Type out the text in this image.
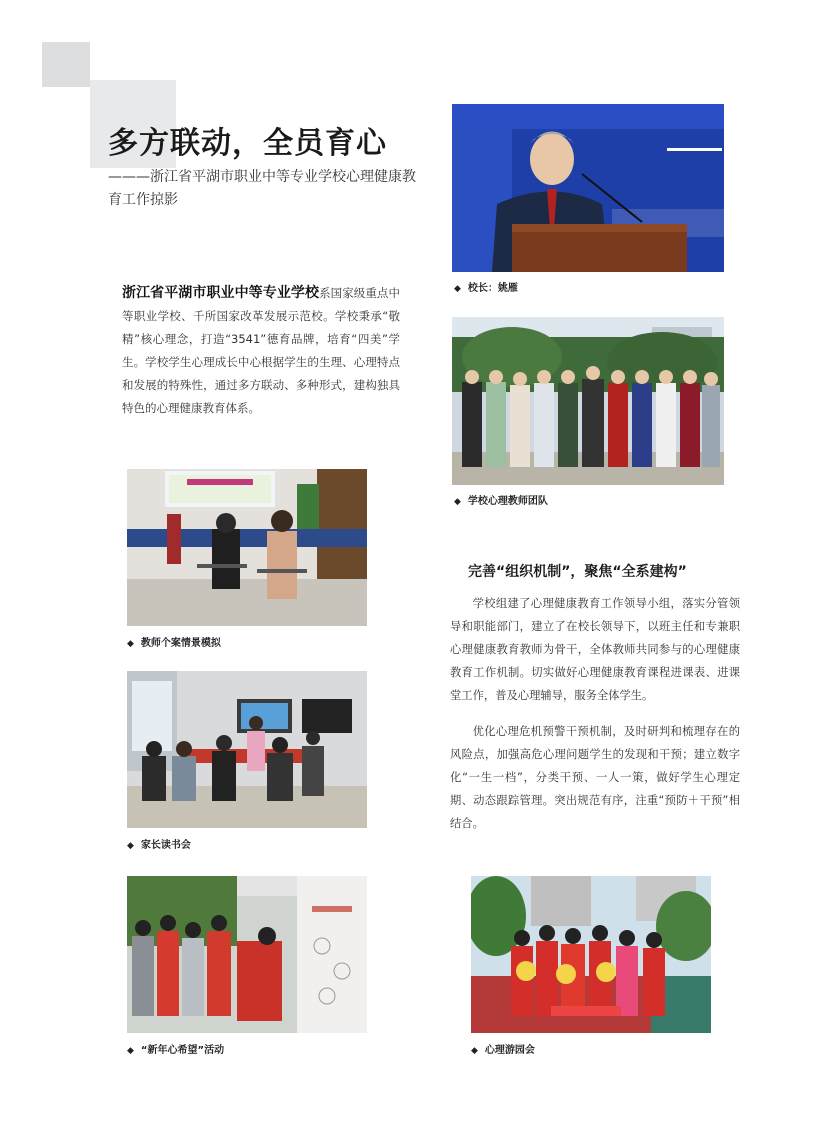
多方联动，全员育心

———浙江省平湖市职业中等专业学校心理健康教育工作掠影

浙江省平湖市职业中等专业学校系国家级重点中等职业学校、千所国家改革发展示范校。学校秉承“敬精”核心理念，打造“3541”德育品牌，培育“四美”学生。学校学生心理成长中心根据学生的生理、心理特点和发展的特殊性，通过多方联动、多种形式，建构独具特色的心理健康教育体系。

◆ 校长：姚雁
◆ 学校心理教师团队
◆ 教师个案情景模拟
◆ 家长读书会
完善“组织机制”，聚焦“全系建构”

学校组建了心理健康教育工作领导小组，落实分管领导和职能部门，建立了在校长领导下，以班主任和专兼职心理健康教育教师为骨干，全体教师共同参与的心理健康教育工作机制。切实做好心理健康教育课程进课表、进课堂工作，普及心理辅导，服务全体学生。

优化心理危机预警干预机制，及时研判和梳理存在的风险点，加强高危心理问题学生的发现和干预；建立数字化“一生一档”，分类干预、一人一策，做好学生心理定期、动态跟踪管理。突出规范有序，注重“预防＋干预”相结合。

◆ “新年心希望”活动	◆ 心理游园会
